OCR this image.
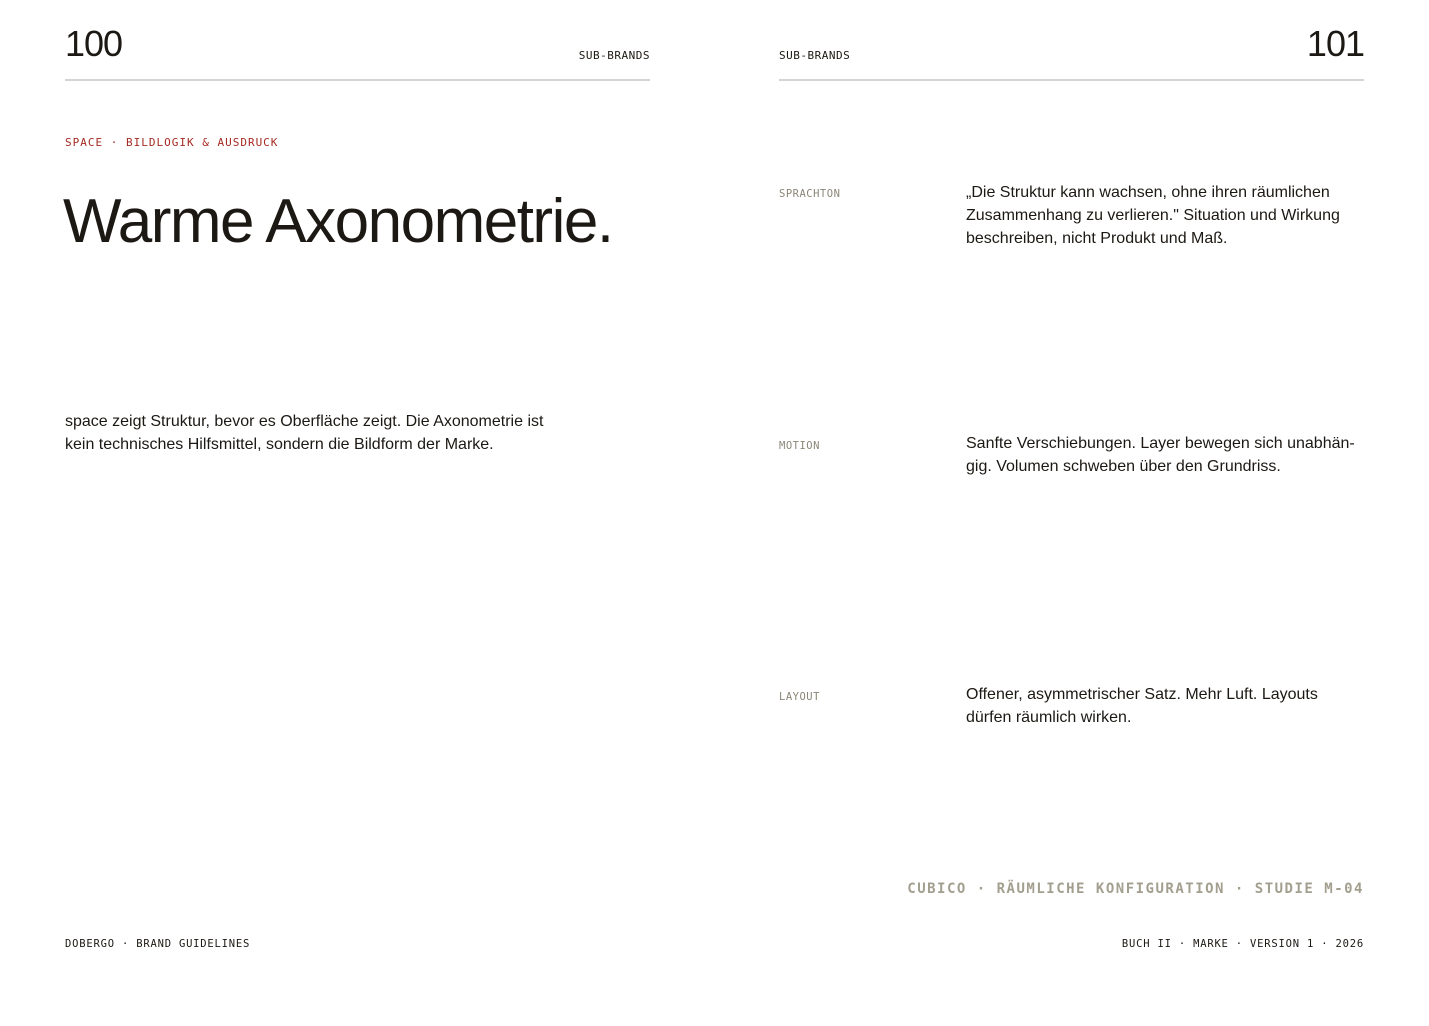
100	SUB-BRANDS
SPACE · BILDLOGIK & AUSDRUCK
Warme Axonometrie.
space zeigt Struktur, bevor es Oberfläche zeigt. Die Axonometrie ist
kein technisches Hilfsmittel, sondern die Bildform der Marke.
SUB-BRANDS	101
SPRACHTON	„Die Struktur kann wachsen, ohne ihren räumlichen
Zusammenhang zu verlieren." Situation und Wirkung
beschreiben, nicht Produkt und Maß.
MOTION	Sanfte Verschiebungen. Layer bewegen sich unabhän-
gig. Volumen schweben über den Grundriss.
LAYOUT	Offener, asymmetrischer Satz. Mehr Luft. Layouts
dürfen räumlich wirken.
CUBICO · RÄUMLICHE KONFIGURATION · STUDIE M-04
DOBERGO · BRAND GUIDELINES	BUCH II · MARKE · VERSION 1 · 2026
